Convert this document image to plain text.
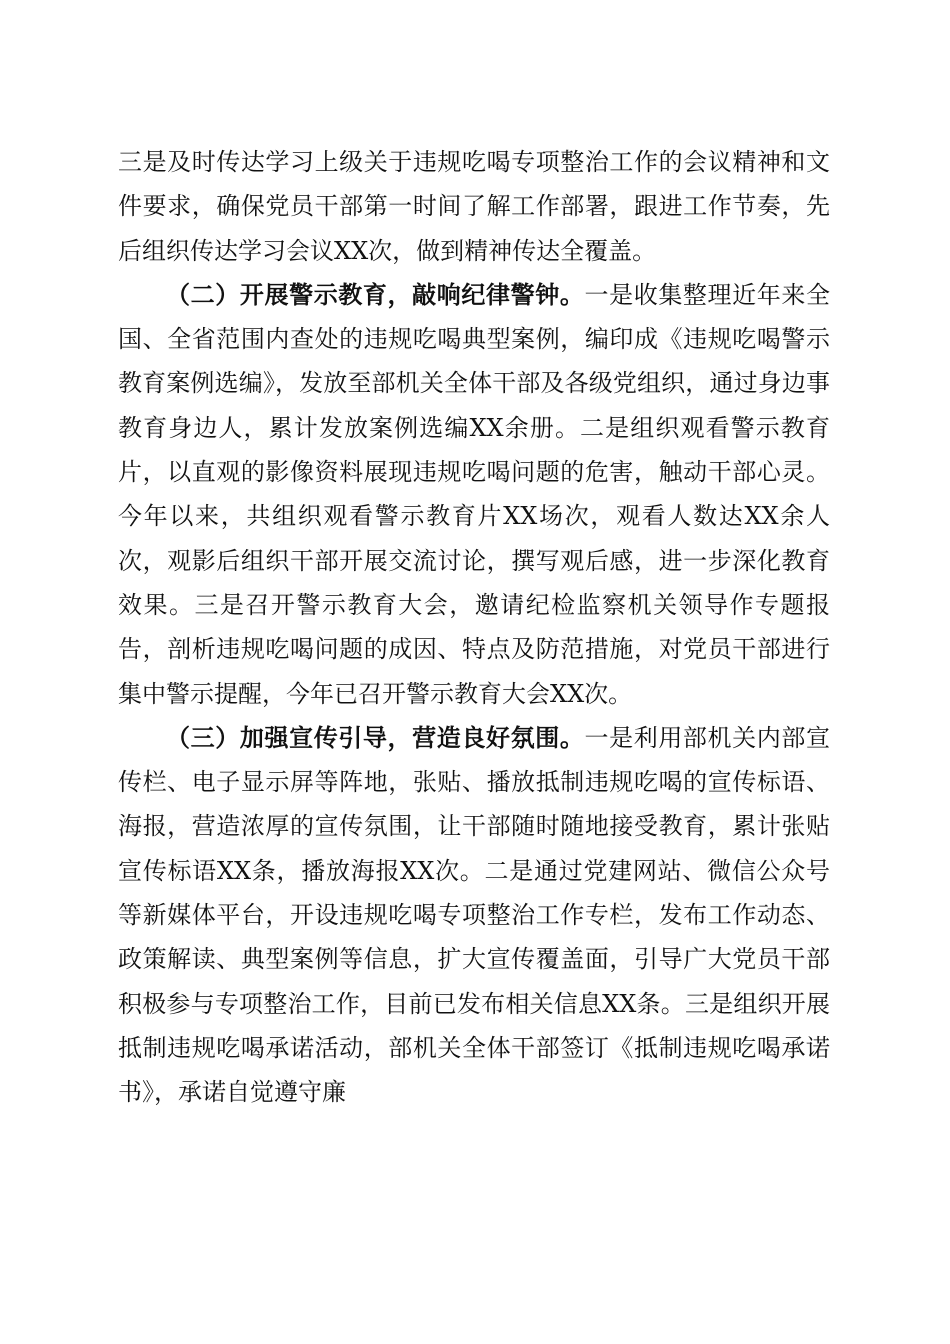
三是及时传达学习上级关于违规吃喝专项整治工作的会议精神和文件要求，确保党员干部第一时间了解工作部署，跟进工作节奏，先后组织传达学习会议XX次，做到精神传达全覆盖。

（二）开展警示教育，敲响纪律警钟。一是收集整理近年来全国、全省范围内查处的违规吃喝典型案例，编印成《违规吃喝警示教育案例选编》，发放至部机关全体干部及各级党组织，通过身边事教育身边人，累计发放案例选编XX余册。二是组织观看警示教育片，以直观的影像资料展现违规吃喝问题的危害，触动干部心灵。今年以来，共组织观看警示教育片XX场次，观看人数达XX余人次，观影后组织干部开展交流讨论，撰写观后感，进一步深化教育效果。三是召开警示教育大会，邀请纪检监察机关领导作专题报告，剖析违规吃喝问题的成因、特点及防范措施，对党员干部进行集中警示提醒，今年已召开警示教育大会XX次。

（三）加强宣传引导，营造良好氛围。一是利用部机关内部宣传栏、电子显示屏等阵地，张贴、播放抵制违规吃喝的宣传标语、海报，营造浓厚的宣传氛围，让干部随时随地接受教育，累计张贴宣传标语XX条，播放海报XX次。二是通过党建网站、微信公众号等新媒体平台，开设违规吃喝专项整治工作专栏，发布工作动态、政策解读、典型案例等信息，扩大宣传覆盖面，引导广大党员干部积极参与专项整治工作，目前已发布相关信息XX条。三是组织开展抵制违规吃喝承诺活动，部机关全体干部签订《抵制违规吃喝承诺书》，承诺自觉遵守廉
